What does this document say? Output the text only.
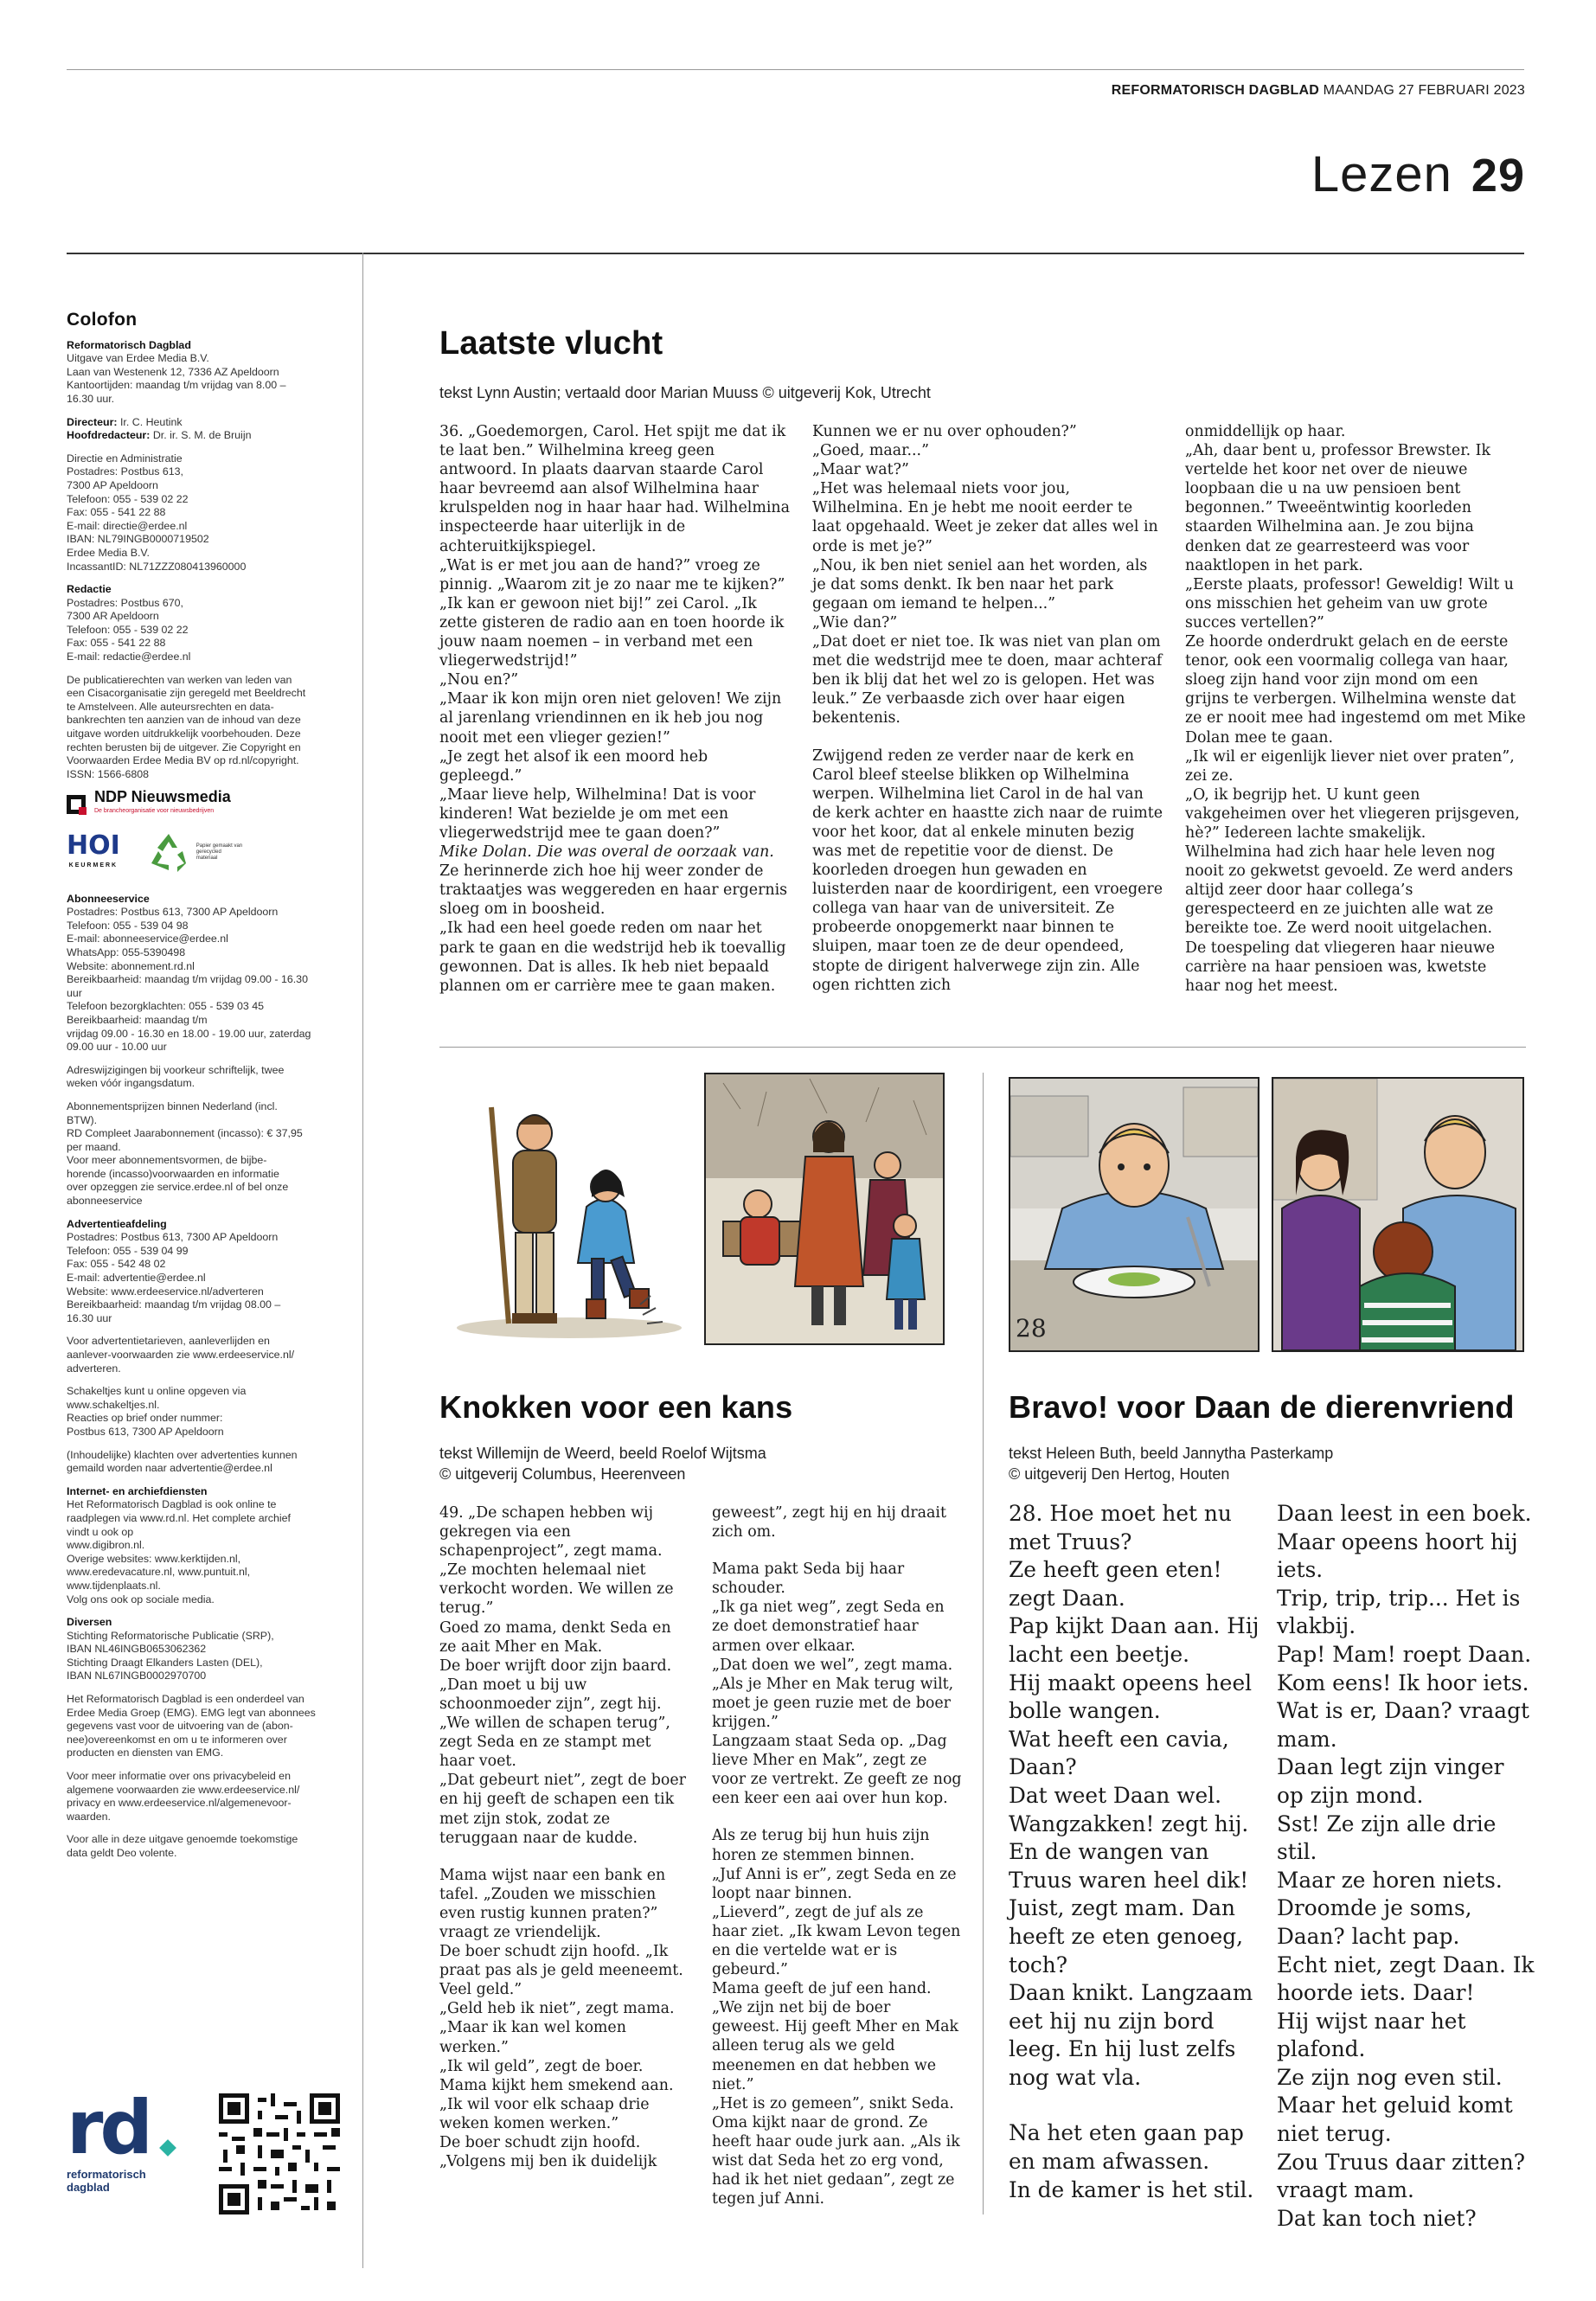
REFORMATORISCH DAGBLAD MAANDAG 27 FEBRUARI 2023
Lezen 29
Colofon

Reformatorisch Dagblad

Uitgave van Erdee Media B.V.

Laan van Westenenk 12, 7336 AZ Apeldoorn

Kantoortijden: maandag t/m vrijdag van 8.00 –

16.30 uur.

Directeur: Ir. C. Heutink

Hoofdredacteur: Dr. ir. S. M. de Bruijn

Directie en Administratie

Postadres: Postbus 613,

7300 AP Apeldoorn

Telefoon: 055 - 539 02 22

Fax: 055 - 541 22 88

E-mail: directie@erdee.nl

IBAN: NL79INGB0000719502

Erdee Media B.V.

IncassantID: NL71ZZZ080413960000

Redactie

Postadres: Postbus 670,

7300 AR Apeldoorn

Telefoon: 055 - 539 02 22

Fax: 055 - 541 22 88

E-mail: redactie@erdee.nl

De publicatierechten van werken van leden van

een Cisacorganisatie zijn geregeld met Beeldrecht

te Amstelveen. Alle auteursrechten en data-

bankrechten ten aanzien van de inhoud van deze

uitgave worden uitdrukkelijk voorbehouden. Deze

rechten berusten bij de uitgever. Zie Copyright en

Voorwaarden Erdee Media BV op rd.nl/copyright.

ISSN: 1566-6808

NDP Nieuwsmedia
De brancheorganisatie voor nieuwsbedrijven
HOI
KEURMERK
Papier gemaakt van gerecycled materiaal

Abonneeservice

Postadres: Postbus 613, 7300 AP Apeldoorn

Telefoon: 055 - 539 04 98

E-mail: abonneeservice@erdee.nl

WhatsApp: 055-5390498

Website: abonnement.rd.nl

Bereikbaarheid: maandag t/m vrijdag 09.00 - 16.30

uur

Telefoon bezorgklachten: 055 - 539 03 45

Bereikbaarheid: maandag t/m

vrijdag 09.00 - 16.30 en 18.00 - 19.00 uur, zaterdag

09.00 uur - 10.00 uur

Adreswijzigingen bij voorkeur schriftelijk, twee

weken vóór ingangsdatum.

Abonnementsprijzen binnen Nederland (incl.

BTW).

RD Compleet Jaarabonnement (incasso): € 37,95

per maand.

Voor meer abonnementsvormen, de bijbe-

horende (incasso)voorwaarden en informatie

over opzeggen zie service.erdee.nl of bel onze

abonneeservice

Advertentieafdeling

Postadres: Postbus 613, 7300 AP Apeldoorn

Telefoon: 055 - 539 04 99

Fax: 055 - 542 48 02

E-mail: advertentie@erdee.nl

Website: www.erdeeservice.nl/adverteren

Bereikbaarheid: maandag t/m vrijdag 08.00 –

16.30 uur

Voor advertentietarieven, aanleverlijden en

aanlever-voorwaarden zie www.erdeeservice.nl/

adverteren.

Schakeltjes kunt u online opgeven via

www.schakeltjes.nl.

Reacties op brief onder nummer:

Postbus 613, 7300 AP Apeldoorn

(Inhoudelijke) klachten over advertenties kunnen

gemaild worden naar advertentie@erdee.nl

Internet- en archiefdiensten

Het Reformatorisch Dagblad is ook online te

raadplegen via www.rd.nl. Het complete archief

vindt u ook op

www.digibron.nl.

Overige websites: www.kerktijden.nl,

www.eredevacature.nl, www.puntuit.nl,

www.tijdenplaats.nl.

Volg ons ook op sociale media.

Diversen

Stichting Reformatorische Publicatie (SRP),

IBAN NL46INGB0653062362

Stichting Draagt Elkanders Lasten (DEL),

IBAN NL67INGB0002970700

Het Reformatorisch Dagblad is een onderdeel van

Erdee Media Groep (EMG). EMG legt van abonnees

gegevens vast voor de uitvoering van de (abon-

nee)overeenkomst en om u te informeren over

producten en diensten van EMG.

Voor meer informatie over ons privacybeleid en

algemene voorwaarden zie www.erdeeservice.nl/

privacy en www.erdeeservice.nl/algemenevoor-

waarden.

Voor alle in deze uitgave genoemde toekomstige

data geldt Deo volente.

rd
reformatorisch
dagblad
Laatste vlucht
tekst Lynn Austin; vertaald door Marian Muuss © uitgeverij Kok, Utrecht
36. „Goedemorgen, Carol. Het spijt me dat ik te laat ben.” Wilhelmina kreeg geen antwoord. In plaats daarvan staarde Carol haar bevreemd aan alsof Wilhelmina haar krulspelden nog in haar haar had. Wilhelmina inspecteerde haar uiterlijk in de achteruitkijkspiegel.
„Wat is er met jou aan de hand?” vroeg ze pinnig. „Waarom zit je zo naar me te kijken?”
„Ik kan er gewoon niet bij!” zei Carol. „Ik zette gisteren de radio aan en toen hoorde ik jouw naam noemen – in verband met een vliegerwedstrijd!”
„Nou en?”
„Maar ik kon mijn oren niet geloven! We zijn al jarenlang vriendinnen en ik heb jou nog nooit met een vlieger gezien!”
„Je zegt het alsof ik een moord heb gepleegd.”
„Maar lieve help, Wilhelmina! Dat is voor kinderen! Wat bezielde je om met een vliegerwedstrijd mee te gaan doen?”
Mike Dolan. Die was overal de oorzaak van.
Ze herinnerde zich hoe hij weer zonder de traktaatjes was weggereden en haar ergernis sloeg om in boosheid.
„Ik had een heel goede reden om naar het park te gaan en die wedstrijd heb ik toevallig gewonnen. Dat is alles. Ik heb niet bepaald plannen om er carrière mee te gaan maken.
Kunnen we er nu over ophouden?”
„Goed, maar...”
„Maar wat?”
„Het was helemaal niets voor jou, Wilhelmina. En je hebt me nooit eerder te laat opgehaald. Weet je zeker dat alles wel in orde is met je?”
„Nou, ik ben niet seniel aan het worden, als je dat soms denkt. Ik ben naar het park gegaan om iemand te helpen...”
„Wie dan?”
„Dat doet er niet toe. Ik was niet van plan om met die wedstrijd mee te doen, maar achteraf ben ik blij dat het wel zo is gelopen. Het was leuk.” Ze verbaasde zich over haar eigen bekentenis.
Zwijgend reden ze verder naar de kerk en Carol bleef steelse blikken op Wilhelmina werpen. Wilhelmina liet Carol in de hal van de kerk achter en haastte zich naar de ruimte voor het koor, dat al enkele minuten bezig was met de repetitie voor de dienst. De koorleden droegen hun gewaden en luisterden naar de koordirigent, een vroegere collega van haar van de universiteit. Ze probeerde onopgemerkt naar binnen te sluipen, maar toen ze de deur opendeed, stopte de dirigent halverwege zijn zin. Alle ogen richtten zich
onmiddellijk op haar.
„Ah, daar bent u, professor Brewster. Ik vertelde het koor net over de nieuwe loopbaan die u na uw pensioen bent begonnen.” Tweeëntwintig koorleden staarden Wilhelmina aan. Je zou bijna denken dat ze gearresteerd was voor naaktlopen in het park.
„Eerste plaats, professor! Geweldig! Wilt u ons misschien het geheim van uw grote succes vertellen?”
Ze hoorde onderdrukt gelach en de eerste tenor, ook een voormalig collega van haar, sloeg zijn hand voor zijn mond om een grijns te verbergen. Wilhelmina wenste dat ze er nooit mee had ingestemd om met Mike Dolan mee te gaan.
„Ik wil er eigenlijk liever niet over praten”, zei ze.
„O, ik begrijp het. U kunt geen vakgeheimen over het vliegeren prijsgeven, hè?” Iedereen lachte smakelijk.
Wilhelmina had zich haar hele leven nog nooit zo gekwetst gevoeld. Ze werd anders altijd zeer door haar collega’s gerespecteerd en ze juichten alle wat ze bereikte toe. Ze werd nooit uitgelachen.
De toespeling dat vliegeren haar nieuwe carrière na haar pensioen was, kwetste haar nog het meest.
Knokken voor een kans
tekst Willemijn de Weerd, beeld Roelof Wijtsma
© uitgeverij Columbus, Heerenveen
49. „De schapen hebben wij gekregen via een schapenproject”, zegt mama.
„Ze mochten helemaal niet verkocht worden. We willen ze terug.”
Goed zo mama, denkt Seda en ze aait Mher en Mak.
De boer wrijft door zijn baard. „Dan moet u bij uw schoonmoeder zijn”, zegt hij.
„We willen de schapen terug”, zegt Seda en ze stampt met haar voet.
„Dat gebeurt niet”, zegt de boer en hij geeft de schapen een tik met zijn stok, zodat ze teruggaan naar de kudde.
Mama wijst naar een bank en tafel. „Zouden we misschien even rustig kunnen praten?” vraagt ze vriendelijk.
De boer schudt zijn hoofd. „Ik praat pas als je geld meeneemt. Veel geld.”
„Geld heb ik niet”, zegt mama. „Maar ik kan wel komen werken.”
„Ik wil geld”, zegt de boer.
Mama kijkt hem smekend aan. „Ik wil voor elk schaap drie weken komen werken.”
De boer schudt zijn hoofd.
„Volgens mij ben ik duidelijk
geweest”, zegt hij en hij draait zich om.
Mama pakt Seda bij haar schouder.
„Ik ga niet weg”, zegt Seda en ze doet demonstratief haar armen over elkaar.
„Dat doen we wel”, zegt mama. „Als je Mher en Mak terug wilt, moet je geen ruzie met de boer krijgen.”
Langzaam staat Seda op. „Dag lieve Mher en Mak”, zegt ze voor ze vertrekt. Ze geeft ze nog een keer een aai over hun kop.
Als ze terug bij hun huis zijn horen ze stemmen binnen.
„Juf Anni is er”, zegt Seda en ze loopt naar binnen.
„Lieverd”, zegt de juf als ze haar ziet. „Ik kwam Levon tegen en die vertelde wat er is gebeurd.”
Mama geeft de juf een hand.
„We zijn net bij de boer geweest. Hij geeft Mher en Mak alleen terug als we geld meenemen en dat hebben we niet.”
„Het is zo gemeen”, snikt Seda.
Oma kijkt naar de grond. Ze heeft haar oude jurk aan. „Als ik wist dat Seda het zo erg vond, had ik het niet gedaan”, zegt ze tegen juf Anni.
28
Bravo! voor Daan de dierenvriend
tekst Heleen Buth, beeld Jannytha Pasterkamp
© uitgeverij Den Hertog, Houten
28. Hoe moet het nu met Truus?
Ze heeft geen eten! zegt Daan.
Pap kijkt Daan aan. Hij lacht een beetje.
Hij maakt opeens heel bolle wangen.
Wat heeft een cavia, Daan?
Dat weet Daan wel.
Wangzakken! zegt hij.
En de wangen van Truus waren heel dik!
Juist, zegt mam. Dan heeft ze eten genoeg, toch?
Daan knikt. Langzaam eet hij nu zijn bord leeg. En hij lust zelfs nog wat vla.
Na het eten gaan pap en mam afwassen.
In de kamer is het stil.
Daan leest in een boek.
Maar opeens hoort hij iets.
Trip, trip, trip... Het is vlakbij.
Pap! Mam! roept Daan.
Kom eens! Ik hoor iets.
Wat is er, Daan? vraagt mam.
Daan legt zijn vinger op zijn mond.
Sst! Ze zijn alle drie stil.
Maar ze horen niets.
Droomde je soms, Daan? lacht pap.
Echt niet, zegt Daan. Ik hoorde iets. Daar!
Hij wijst naar het plafond.
Ze zijn nog even stil.
Maar het geluid komt niet terug.
Zou Truus daar zitten? vraagt mam.
Dat kan toch niet?
